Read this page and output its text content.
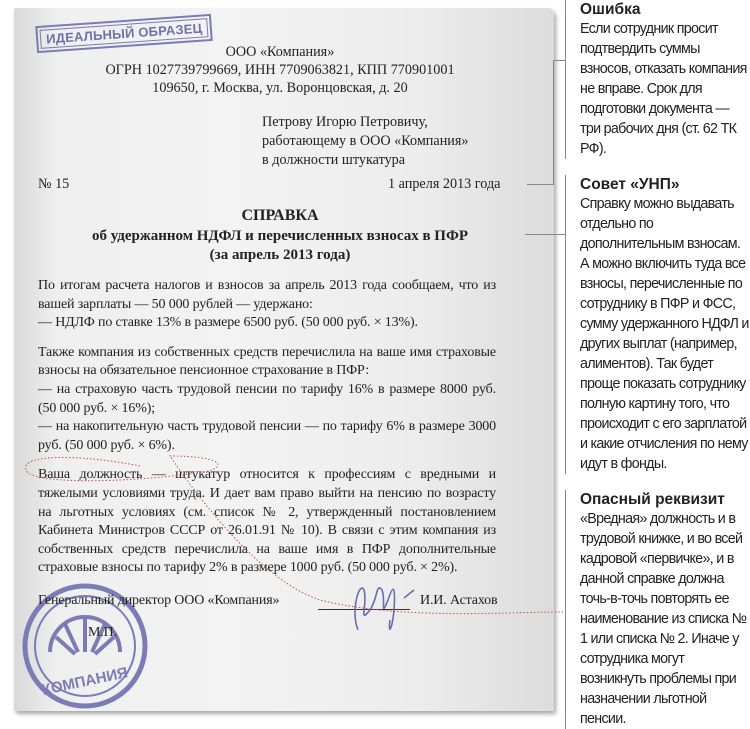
ИДЕАЛЬНЫЙ ОБРАЗЕЦ
ООО «Компания»
ОГРН 1027739799669, ИНН 7709063821, КПП 770901001
109650, г. Москва, ул. Воронцовская, д. 20
Петрову Игорю Петровичу,
работающему в ООО «Компания»
в должности штукатура
№ 15	1 апреля 2013 года
СПРАВКА
об удержанном НДФЛ и перечисленных взносах в ПФР
(за апрель 2013 года)
КОМПАНИЯ

По итогам расчета налогов и взносов за апрель 2013 года сообщаем, что из вашей зарплаты — 50 000 рублей — удержано:

— НДЛФ по ставке 13% в размере 6500 руб. (50 000 руб. × 13%).

Также компания из собственных средств перечислила на ваше имя страховые взносы на обязательное пенсионное страхование в ПФР:

— на страховую часть трудовой пенсии по тарифу 16% в размере 8000 руб. (50 000 руб. × 16%);

— на накопительную часть трудовой пенсии — по тарифу 6% в размере 3000 руб. (50 000 руб. × 6%).

Ваша должность — штукатур относится к профессиям с вредными и тяжелыми условиями труда. И дает вам право выйти на пенсию по возрасту на льготных условиях (см. список № 2, утвержденный постановлением Кабинета Министров СССР от 26.01.91 № 10). В связи с этим компания из собственных средств перечислила на ваше имя в ПФР дополнительные страховые взносы по тарифу 2% в размере 1000 руб. (50 000 руб. × 2%).

Генеральный директор ООО «Компания»	И.И. Астахов
М.П.
Ошибка

Если сотрудник просит подтвердить суммы взносов, отказать компания не вправе. Срок для подготовки документа — три рабочих дня (ст. 62 ТК РФ).

Совет «УНП»

Справку можно выдавать отдельно по дополнительным взносам. А можно включить туда все взносы, перечисленные по сотруднику в ПФР и ФСС, сумму удержанного НДФЛ и других выплат (например, алиментов). Так будет проще показать сотруднику полную картину того, что происходит с его зарплатой и какие отчисления по нему идут в фонды.

Опасный реквизит

«Вредная» должность и в трудовой книжке, и во всей кадровой «первичке», и в данной справке должна точь-в-точь повторять ее наименование из списка № 1 или списка № 2. Иначе у сотрудника могут возникнуть проблемы при назначении льготной пенсии.
